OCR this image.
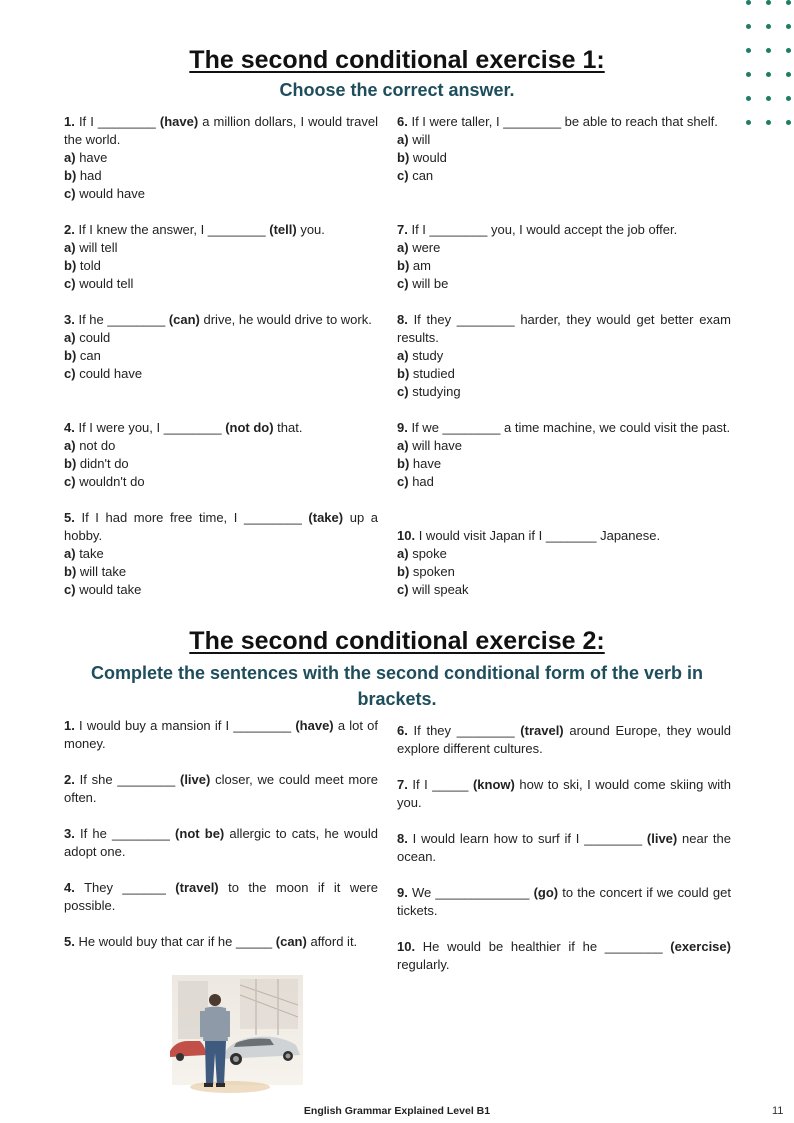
The second conditional exercise 1:
Choose the correct answer.

1. If I ________ (have) a million dollars, I would travel the world.

a) have

b) had

c) would have

2. If I knew the answer, I ________ (tell) you.

a) will tell

b) told

c) would tell

3. If he ________ (can) drive, he would drive to work.

a) could

b) can

c) could have

4. If I were you, I ________ (not do) that.

a) not do

b) didn't do

c) wouldn't do

5. If I had more free time, I ________ (take) up a hobby.

a) take

b) will take

c) would take

6. If I were taller, I ________ be able to reach that shelf.

a) will

b) would

c) can

7. If I ________ you, I would accept the job offer.

a) were

b) am

c) will be

8. If they ________ harder, they would get better exam results.

a) study

b) studied

c) studying

9. If we ________ a time machine, we could visit the past.

a) will have

b) have

c) had

10. I would visit Japan if I _______ Japanese.

a) spoke

b) spoken

c) will speak

The second conditional exercise 2:
Complete the sentences with the second conditional form of the verb in brackets.

1. I would buy a mansion if I ________ (have) a lot of money.

2. If she ________ (live) closer, we could meet more often.

3. If he ________ (not be) allergic to cats, he would adopt one.

4. They ______ (travel) to the moon if it were possible.

5. He would buy that car if he _____ (can) afford it.

6. If they ________ (travel) around Europe, they would explore different cultures.

7. If I _____ (know) how to ski, I would come skiing with you.

8. I would learn how to surf if I ________ (live) near the ocean.

9. We _____________ (go) to the concert if we could get tickets.

10. He would be healthier if he ________ (exercise) regularly.

English Grammar Explained Level B1	11
